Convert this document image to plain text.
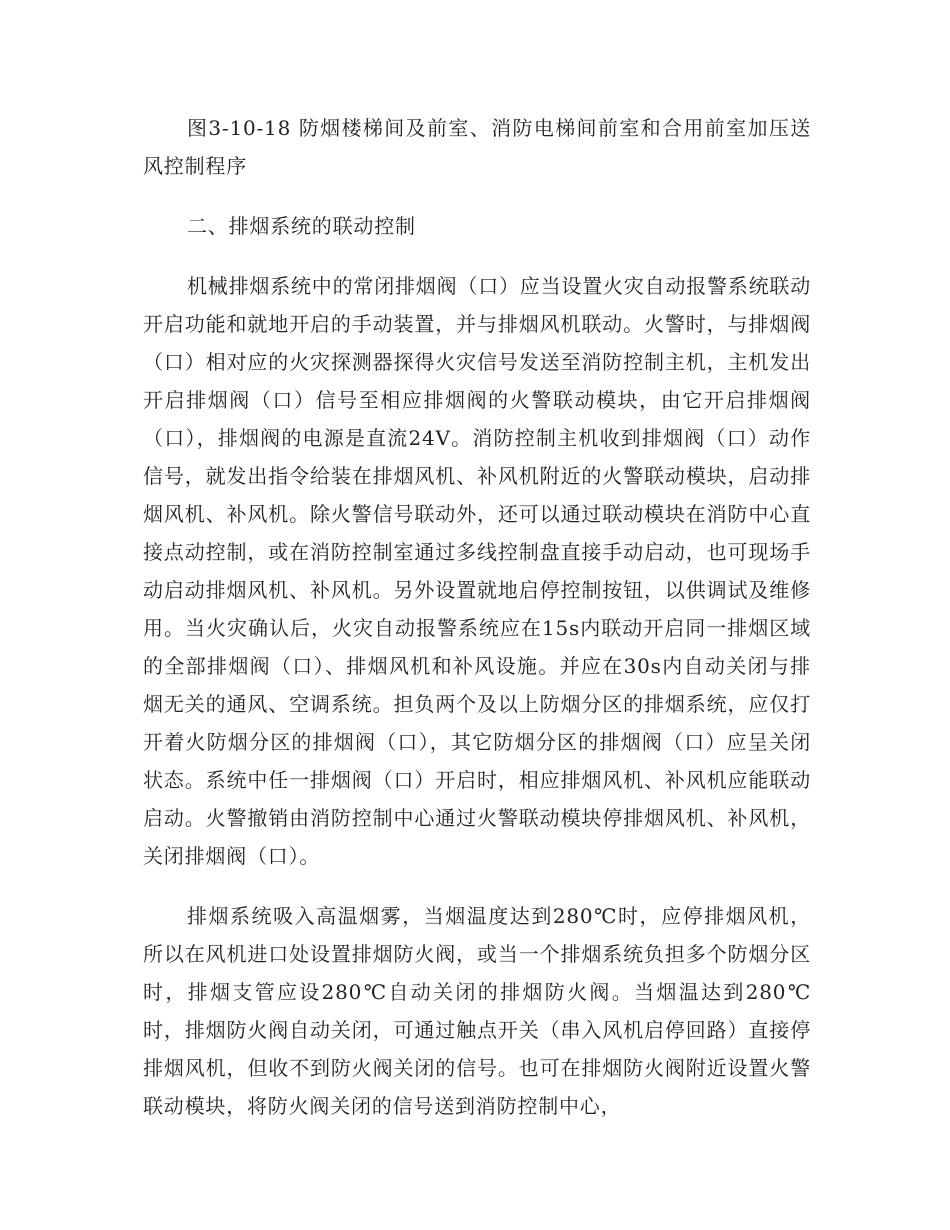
图3-10-18 防烟楼梯间及前室、消防电梯间前室和合用前室加压送风控制程序

二、排烟系统的联动控制

机械排烟系统中的常闭排烟阀（口）应当设置火灾自动报警系统联动开启功能和就地开启的手动装置，并与排烟风机联动。火警时，与排烟阀（口）相对应的火灾探测器探得火灾信号发送至消防控制主机，主机发出开启排烟阀（口）信号至相应排烟阀的火警联动模块，由它开启排烟阀（口），排烟阀的电源是直流24V。消防控制主机收到排烟阀（口）动作信号，就发出指令给装在排烟风机、补风机附近的火警联动模块，启动排烟风机、补风机。除火警信号联动外，还可以通过联动模块在消防中心直接点动控制，或在消防控制室通过多线控制盘直接手动启动，也可现场手动启动排烟风机、补风机。另外设置就地启停控制按钮，以供调试及维修用。当火灾确认后，火灾自动报警系统应在15s内联动开启同一排烟区域的全部排烟阀（口）、排烟风机和补风设施。并应在30s内自动关闭与排烟无关的通风、空调系统。担负两个及以上防烟分区的排烟系统，应仅打开着火防烟分区的排烟阀（口），其它防烟分区的排烟阀（口）应呈关闭状态。系统中任一排烟阀（口）开启时，相应排烟风机、补风机应能联动启动。火警撤销由消防控制中心通过火警联动模块停排烟风机、补风机，关闭排烟阀（口）。

排烟系统吸入高温烟雾，当烟温度达到280℃时，应停排烟风机，所以在风机进口处设置排烟防火阀，或当一个排烟系统负担多个防烟分区时，排烟支管应设280℃自动关闭的排烟防火阀。当烟温达到280℃时，排烟防火阀自动关闭，可通过触点开关（串入风机启停回路）直接停排烟风机，但收不到防火阀关闭的信号。也可在排烟防火阀附近设置火警联动模块，将防火阀关闭的信号送到消防控制中心，
